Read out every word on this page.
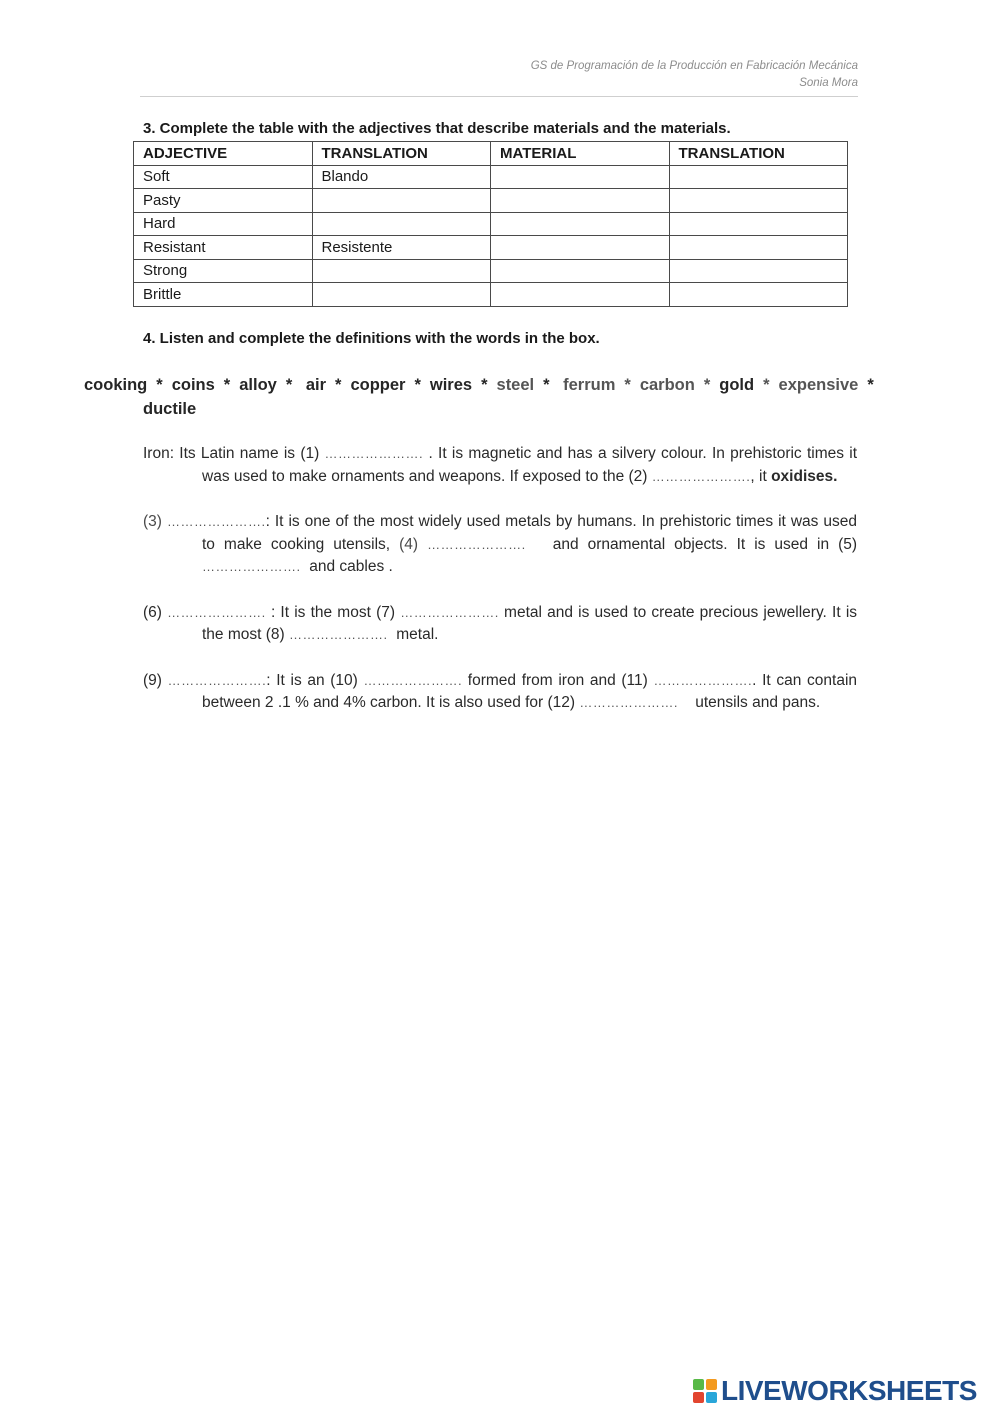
GS de Programación de la Producción en Fabricación Mecánica
Sonia Mora
3. Complete the table with the adjectives that describe materials and the materials.
ADJECTIVE	TRANSLATION	MATERIAL	TRANSLATION
Soft	Blando		
Pasty			
Hard			
Resistant	Resistente		
Strong			
Brittle			
4. Listen and complete the definitions with the words in the box.
cooking * coins * alloy * air * copper * wires * steel * ferrum * carbon * gold * expensive *
ductile

Iron: Its Latin name is (1) …………………. . It is magnetic and has a silvery colour. In prehistoric times it was used to make ornaments and weapons. If exposed to the (2) …………………., it oxidises.

(3) ………………….: It is one of the most widely used metals by humans. In prehistoric times it was used to make cooking utensils, (4) …………………. and ornamental objects. It is used in (5) …………………. and cables .

(6) …………………. : It is the most (7) …………………. metal and is used to create precious jewellery. It is the most (8) …………………. metal.

(9) ………………….: It is an (10) …………………. formed from iron and (11) ………………….. It can contain between 2 .1 % and 4% carbon. It is also used for (12) …………………. utensils and pans.

LIVEWORKSHEETS
